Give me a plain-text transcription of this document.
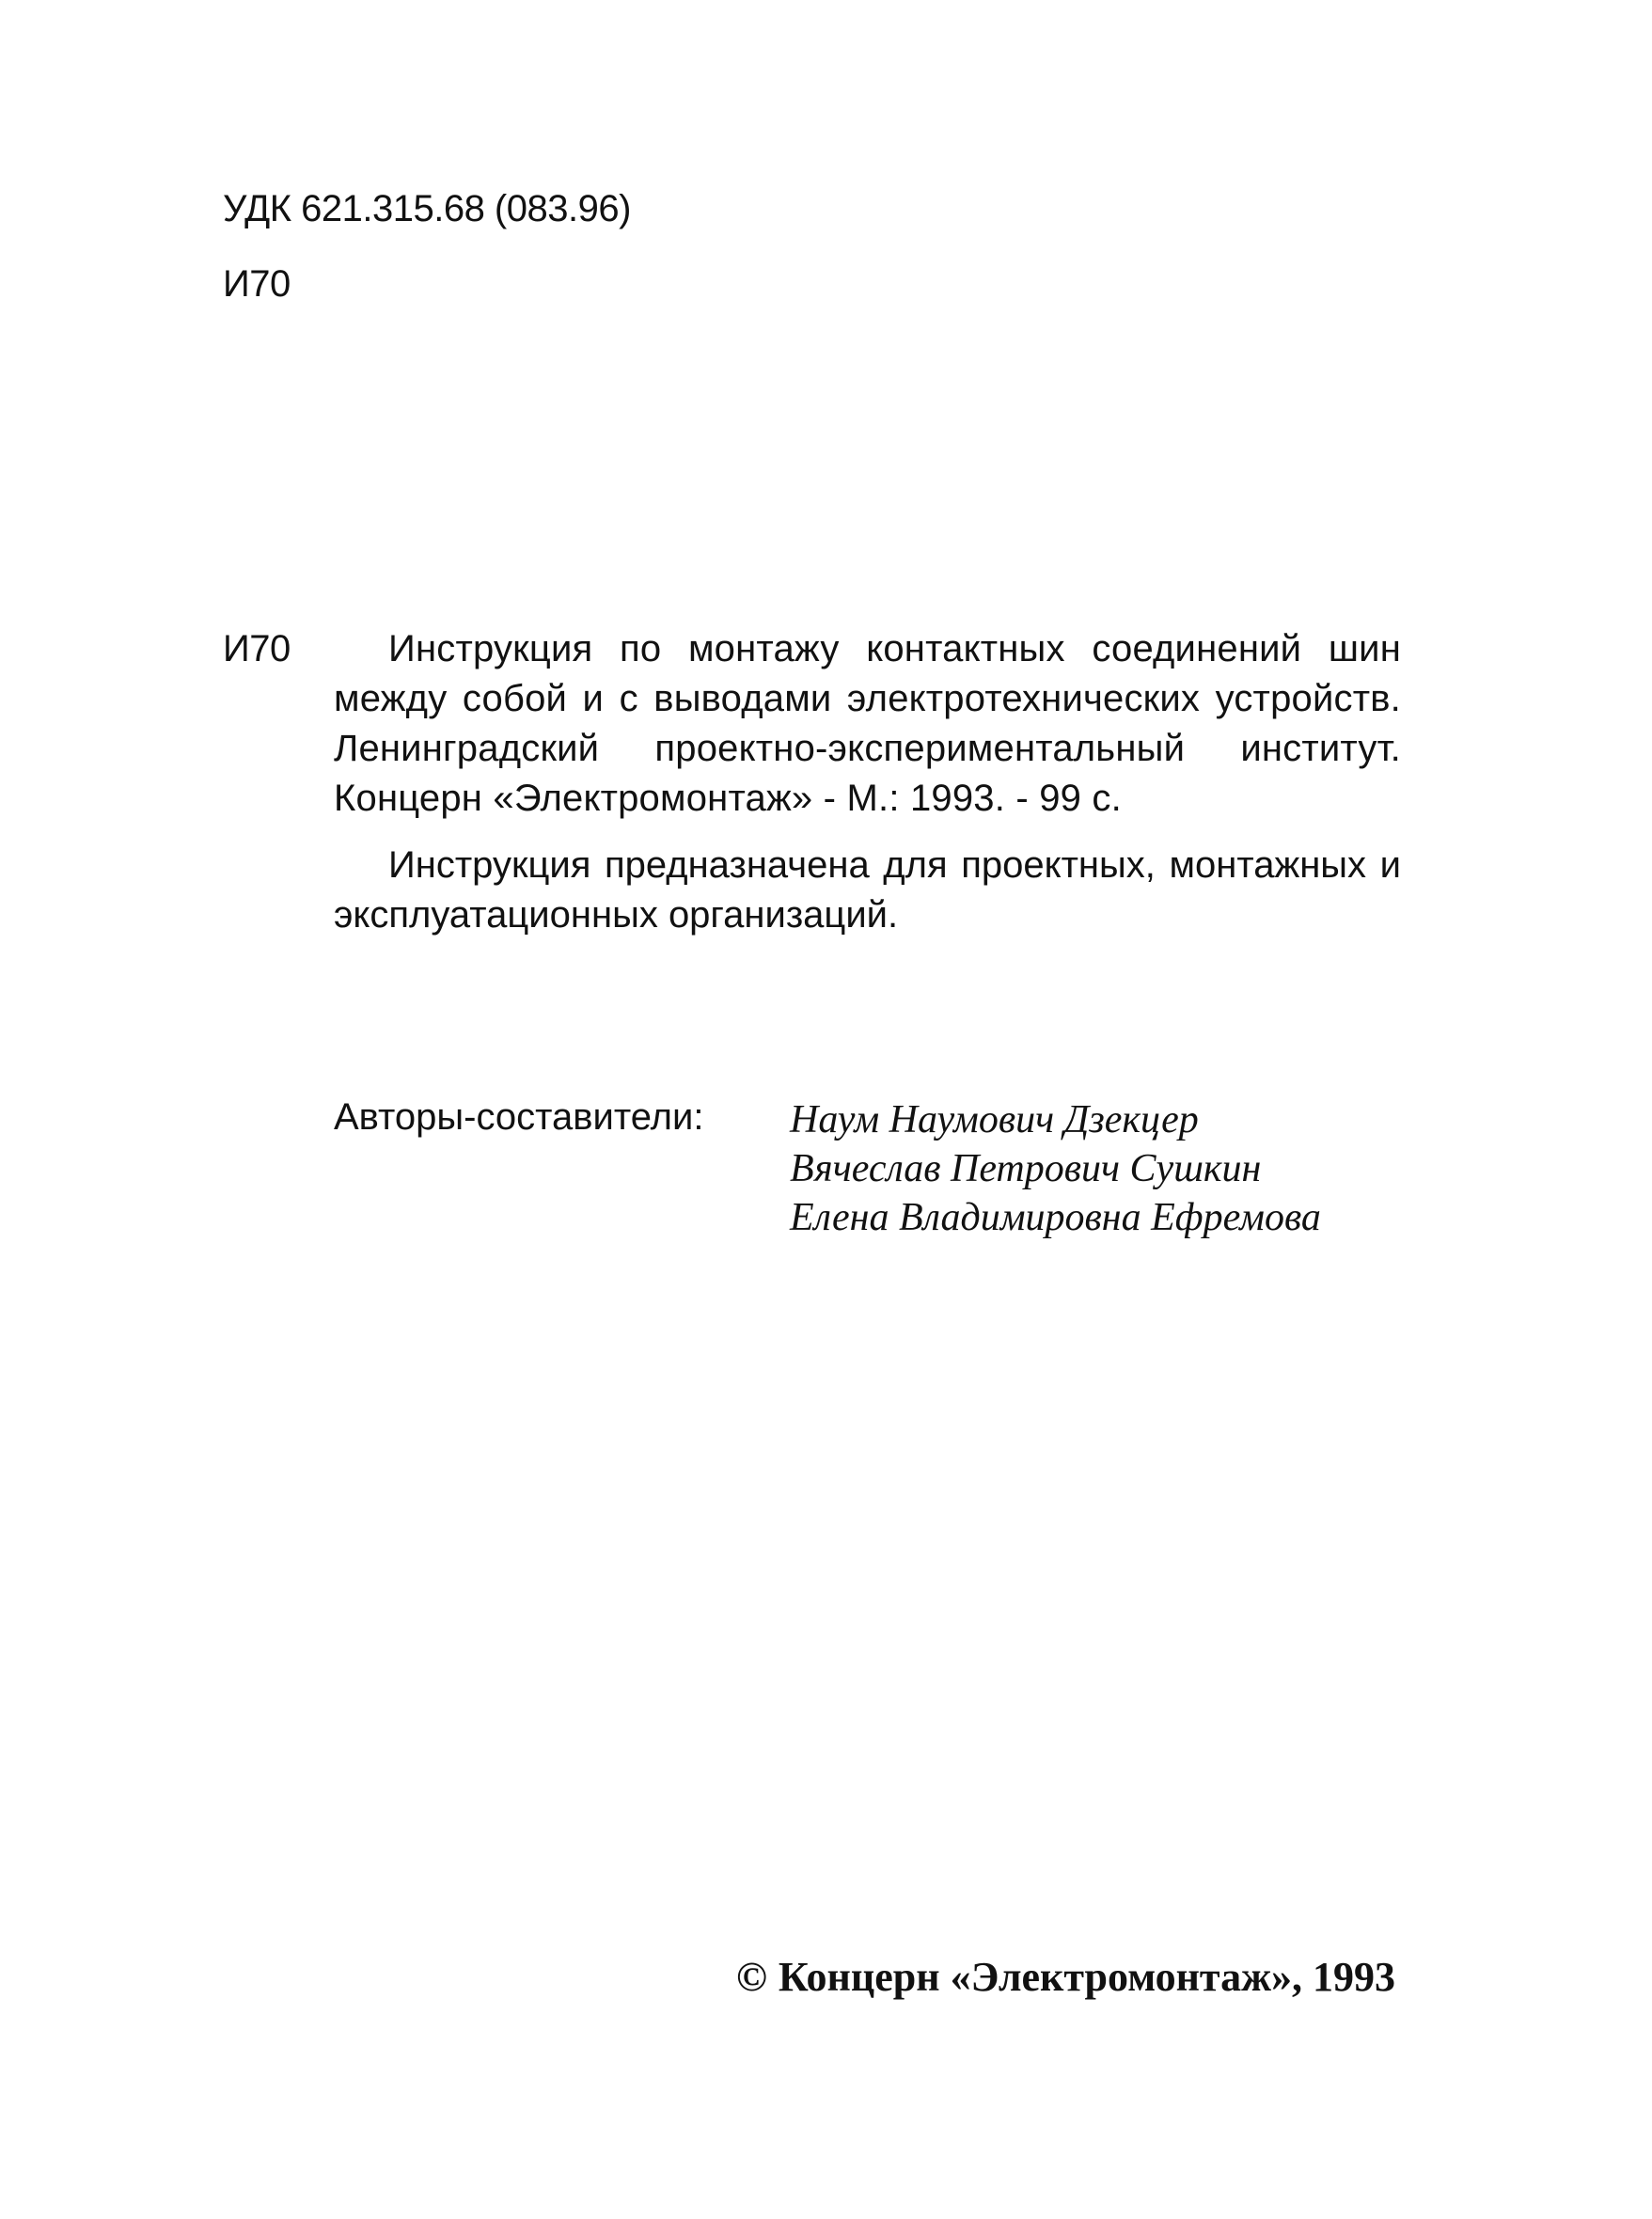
УДК 621.315.68 (083.96)
И70
И70	Инструкция по монтажу контактных соединений шин между собой и с выводами электротехнических устройств. Ленинградский проектно-экспериментальный институт. Концерн «Электромонтаж» - М.: 1993. - 99 с.

Инструкция предназначена для проектных, монтажных и эксплуатационных организаций.

Авторы-составители:	Наум Наумович Дзекцер
Вячеслав Петрович Сушкин
Елена Владимировна Ефремова
© Концерн «Электромонтаж», 1993
